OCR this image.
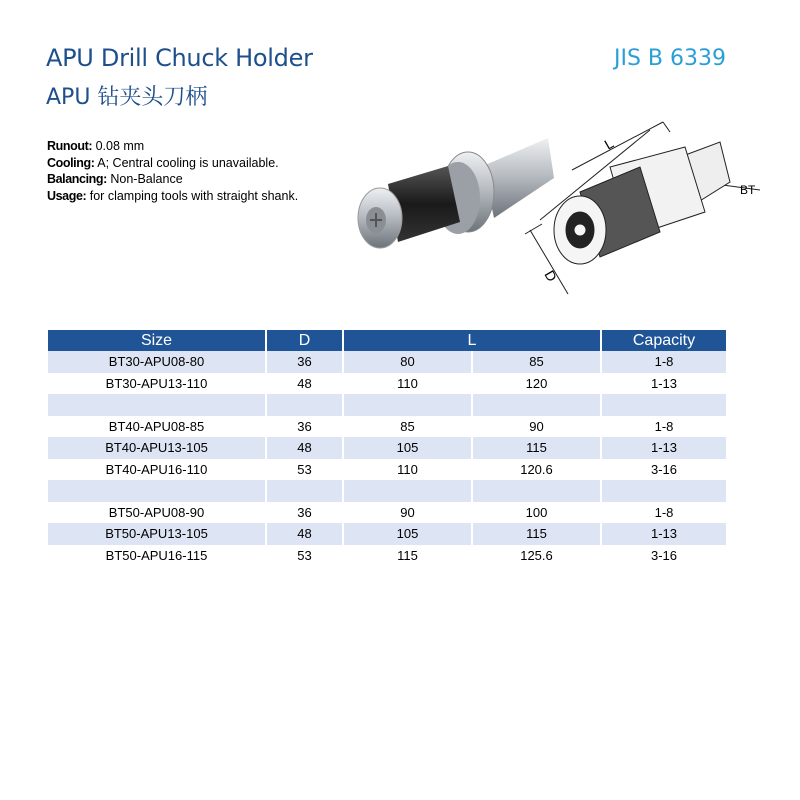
APU Drill Chuck Holder
APU 钻夹头刀柄
JIS B 6339
Runout: 0.08 mm
Cooling: A; Central cooling is unavailable.
Balancing: Non-Balance
Usage: for clamping tools with straight shank.
L
D
BT
Size	D	L		Capacity
BT30-APU08-80	36	80	85	1-8
BT30-APU13-110	48	110	120	1-13

BT40-APU08-85	36	85	90	1-8
BT40-APU13-105	48	105	115	1-13
BT40-APU16-110	53	110	120.6	3-16

BT50-APU08-90	36	90	100	1-8
BT50-APU13-105	48	105	115	1-13
BT50-APU16-115	53	115	125.6	3-16
